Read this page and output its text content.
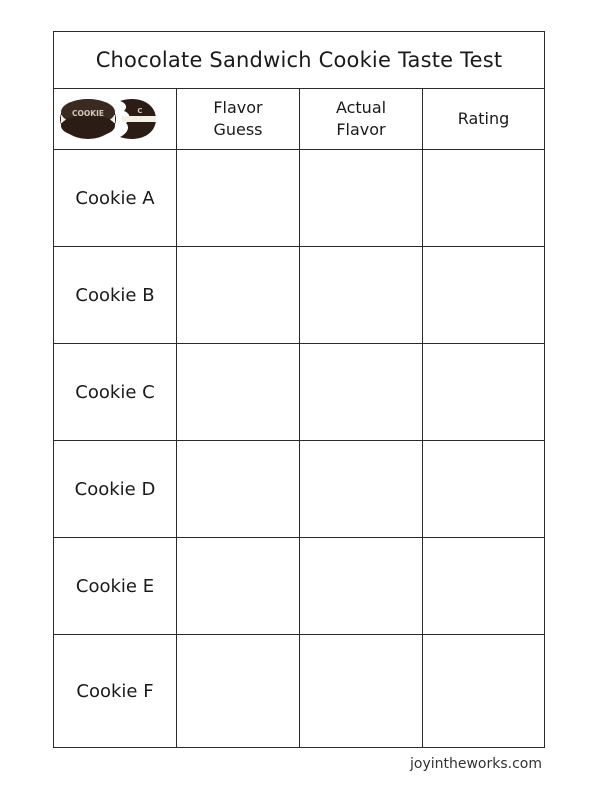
Chocolate Sandwich Cookie Taste Test
COOKIE	C	Flavor
Guess
Actual
Flavor
Rating
Cookie A
Cookie B
Cookie C
Cookie D
Cookie E
Cookie F
joyintheworks.com
